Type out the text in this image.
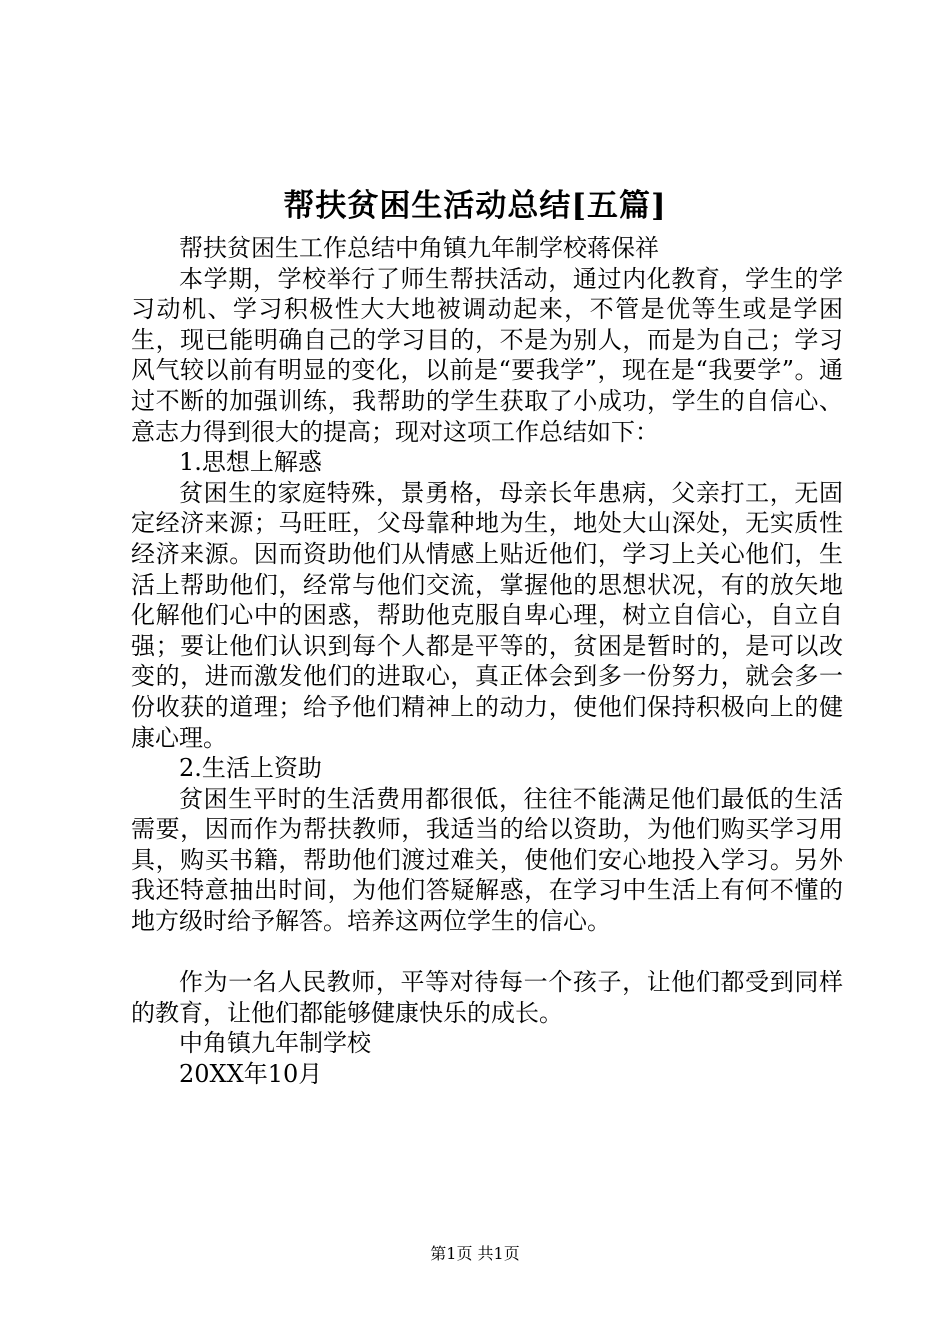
帮扶贫困生活动总结[五篇]

帮扶贫困生工作总结中角镇九年制学校蒋保祥

本学期，学校举行了师生帮扶活动，通过内化教育，学生的学习动机、学习积极性大大地被调动起来，不管是优等生或是学困生，现已能明确自己的学习目的，不是为别人，而是为自己；学习风气较以前有明显的变化，以前是“要我学”，现在是“我要学”。通过不断的加强训练，我帮助的学生获取了小成功，学生的自信心、意志力得到很大的提高；现对这项工作总结如下：

1.思想上解惑

贫困生的家庭特殊，景勇格，母亲长年患病，父亲打工，无固定经济来源；马旺旺，父母靠种地为生，地处大山深处，无实质性经济来源。因而资助他们从情感上贴近他们，学习上关心他们，生活上帮助他们，经常与他们交流，掌握他的思想状况，有的放矢地化解他们心中的困惑，帮助他克服自卑心理，树立自信心，自立自强；要让他们认识到每个人都是平等的，贫困是暂时的，是可以改变的，进而激发他们的进取心，真正体会到多一份努力，就会多一份收获的道理；给予他们精神上的动力，使他们保持积极向上的健康心理。

2.生活上资助

贫困生平时的生活费用都很低，往往不能满足他们最低的生活需要，因而作为帮扶教师，我适当的给以资助，为他们购买学习用具，购买书籍，帮助他们渡过难关，使他们安心地投入学习。另外我还特意抽出时间，为他们答疑解惑，在学习中生活上有何不懂的地方级时给予解答。培养这两位学生的信心。

作为一名人民教师，平等对待每一个孩子，让他们都受到同样的教育，让他们都能够健康快乐的成长。

中角镇九年制学校

20XX年10月

第1页 共1页
